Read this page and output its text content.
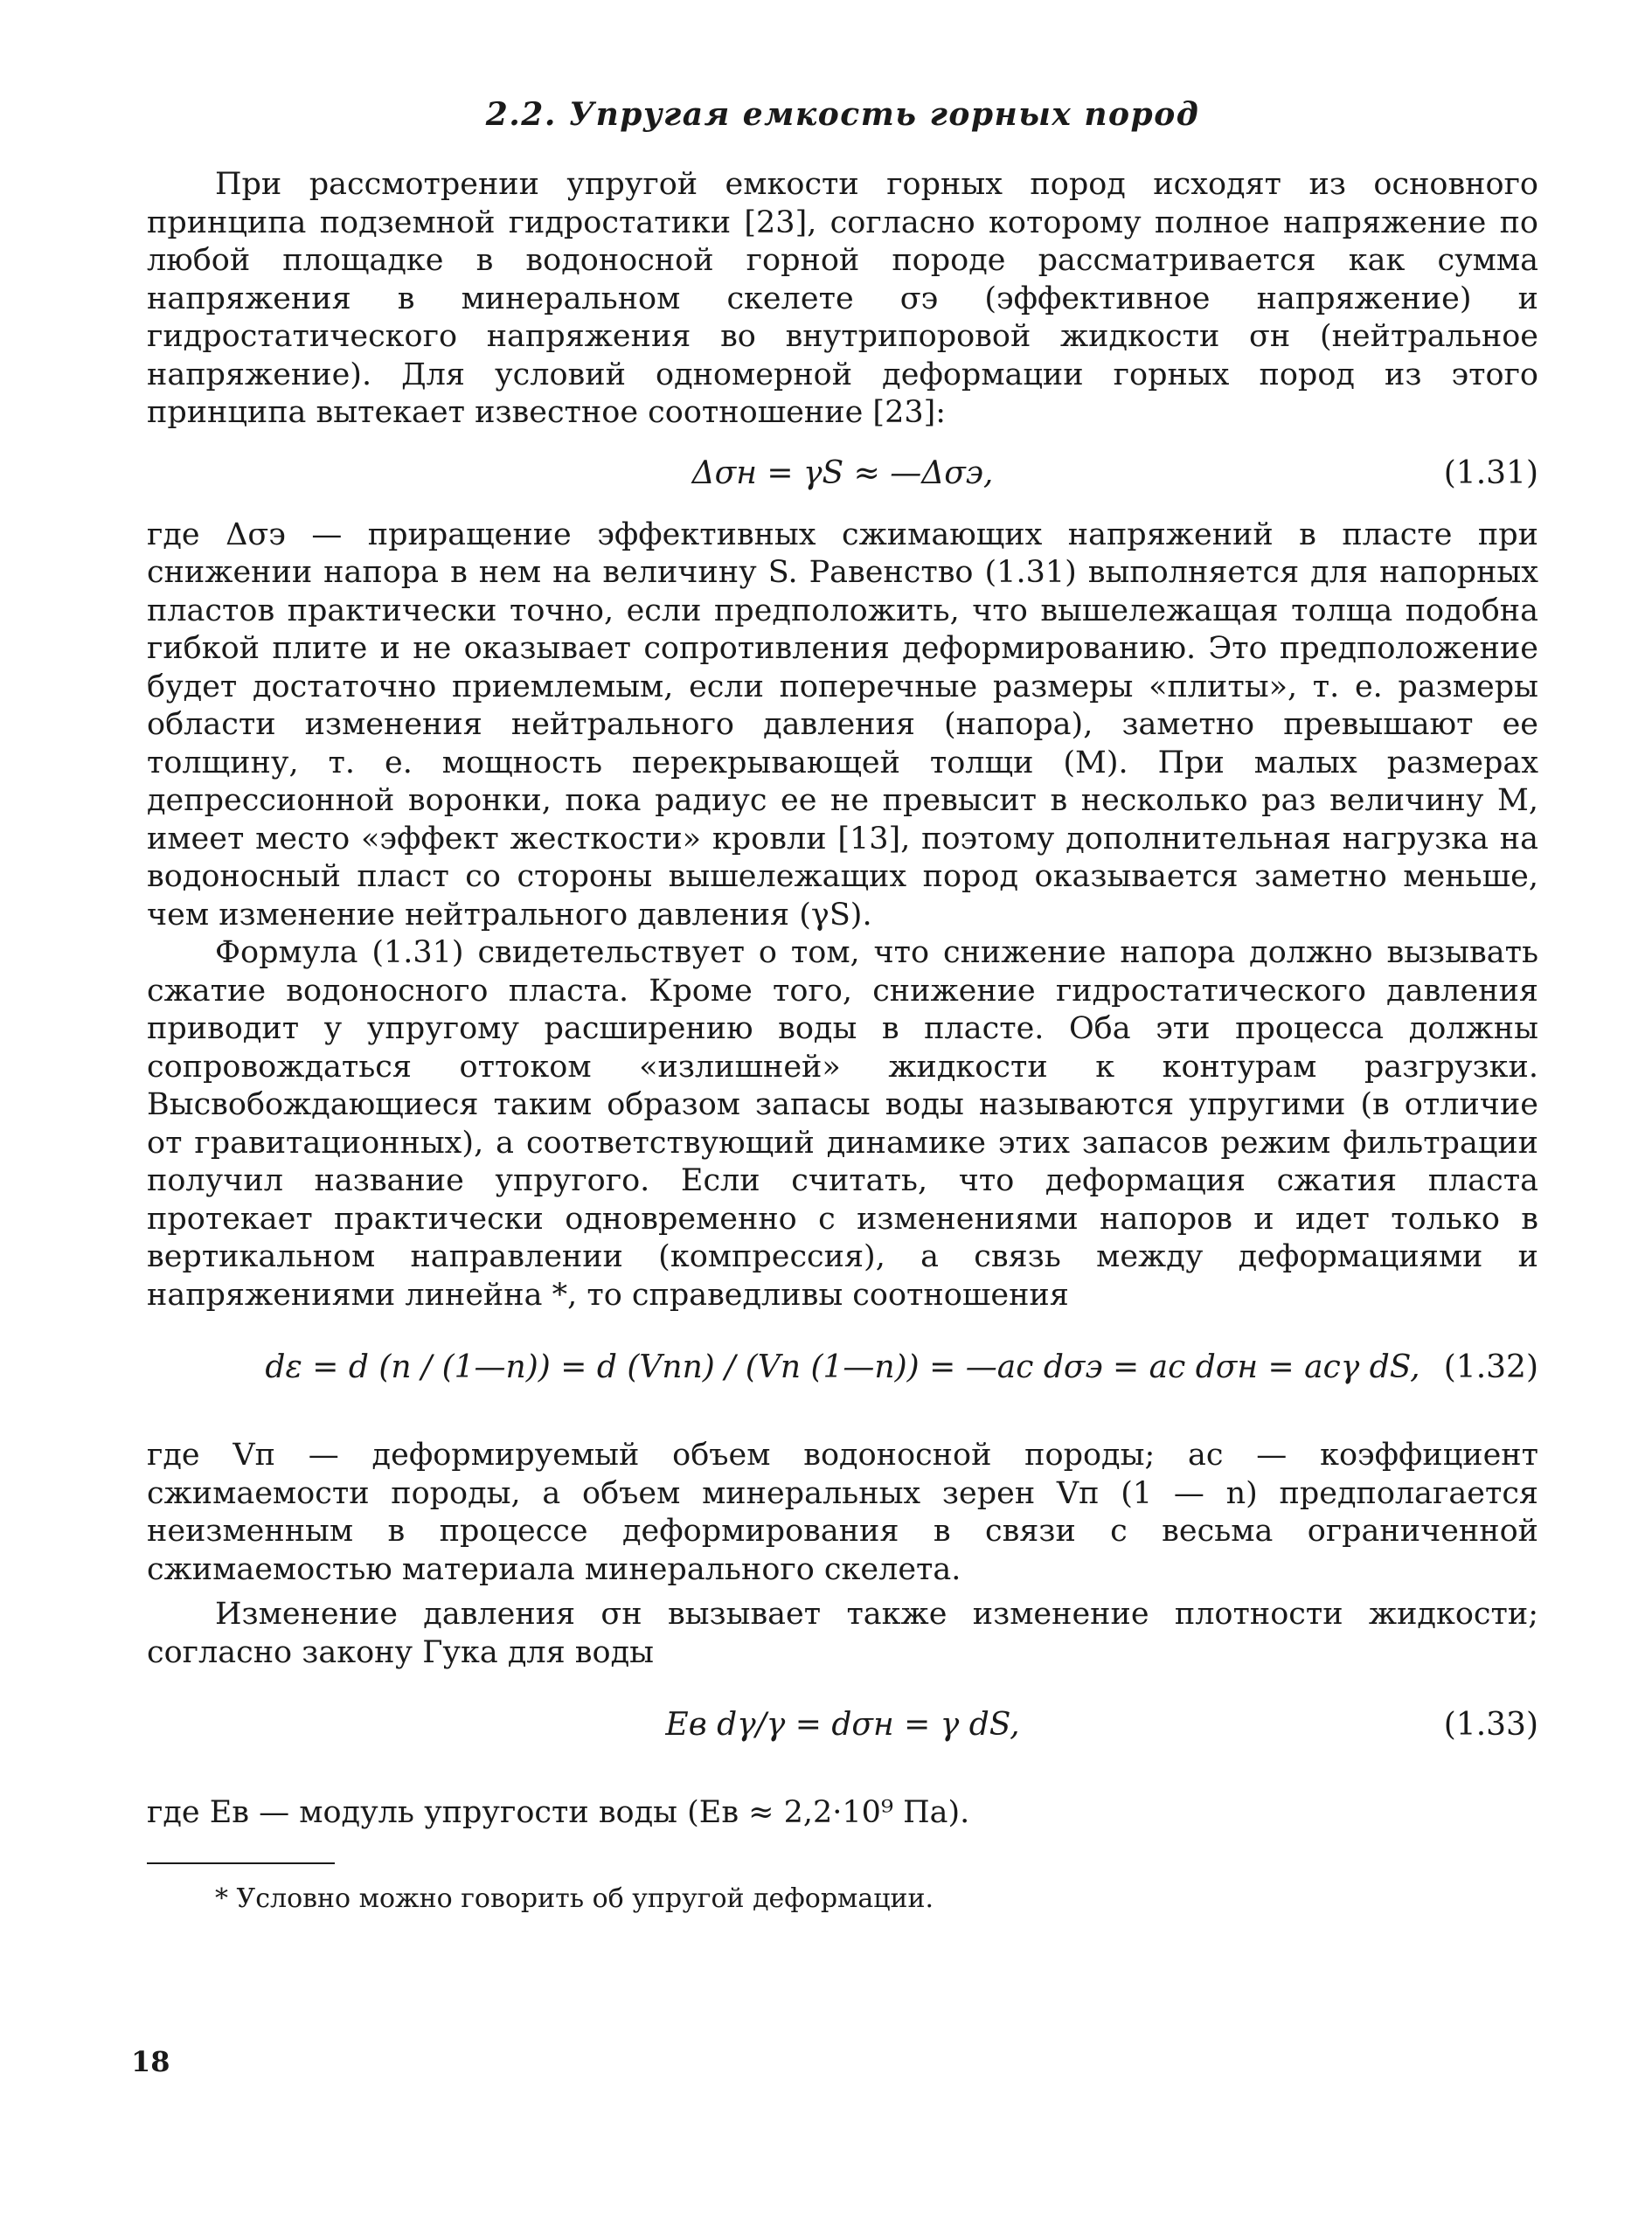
2.2. Упругая емкость горных пород

При рассмотрении упругой емкости горных пород исходят из основного принципа подземной гидростатики [23], согласно которому полное напряжение по любой площадке в водоносной горной породе рассматривается как сумма напряжения в минеральном скелете σэ (эффективное напряжение) и гидростатического напряжения во внутрипоровой жидкости σн (нейтральное напряжение). Для условий одномерной деформации горных пород из этого принципа вытекает известное соотношение [23]:

Δσн = γS ≈ —Δσэ,	(1.31)

где Δσэ — приращение эффективных сжимающих напряжений в пласте при снижении напора в нем на величину S. Равенство (1.31) выполняется для напорных пластов практически точно, если предположить, что вышележащая толща подобна гибкой плите и не оказывает сопротивления деформированию. Это предположение будет достаточно приемлемым, если поперечные размеры «плиты», т. е. размеры области изменения нейтрального давления (напора), заметно превышают ее толщину, т. е. мощность перекрывающей толщи (M). При малых размерах депрессионной воронки, пока радиус ее не превысит в несколько раз величину M, имеет место «эффект жесткости» кровли [13], поэтому дополнительная нагрузка на водоносный пласт со стороны вышележащих пород оказывается заметно меньше, чем изменение нейтрального давления (γS).

Формула (1.31) свидетельствует о том, что снижение напора должно вызывать сжатие водоносного пласта. Кроме того, снижение гидростатического давления приводит у упругому расширению воды в пласте. Оба эти процесса должны сопровождаться оттоком «излишней» жидкости к контурам разгрузки. Высвобождающиеся таким образом запасы воды называются упругими (в отличие от гравитационных), а соответствующий динамике этих запасов режим фильтрации получил название упругого. Если считать, что деформация сжатия пласта протекает практически одновременно с изменениями напоров и идет только в вертикальном направлении (компрессия), а связь между деформациями и напряжениями линейна *, то справедливы соотношения

dε = d (n / (1—n)) = d (Vпn) / (Vп (1—n)) = —ac dσэ = ac dσн = acγ dS, (1.32)

где Vп — деформируемый объем водоносной породы; ac — коэффициент сжимаемости породы, а объем минеральных зерен Vп (1 — n) предполагается неизменным в процессе деформирования в связи с весьма ограниченной сжимаемостью материала минерального скелета.

Изменение давления σн вызывает также изменение плотности жидкости; согласно закону Гука для воды

Eв dγ/γ = dσн = γ dS,	(1.33)

где Eв — модуль упругости воды (Eв ≈ 2,2·10⁹ Па).

* Условно можно говорить об упругой деформации.

18
